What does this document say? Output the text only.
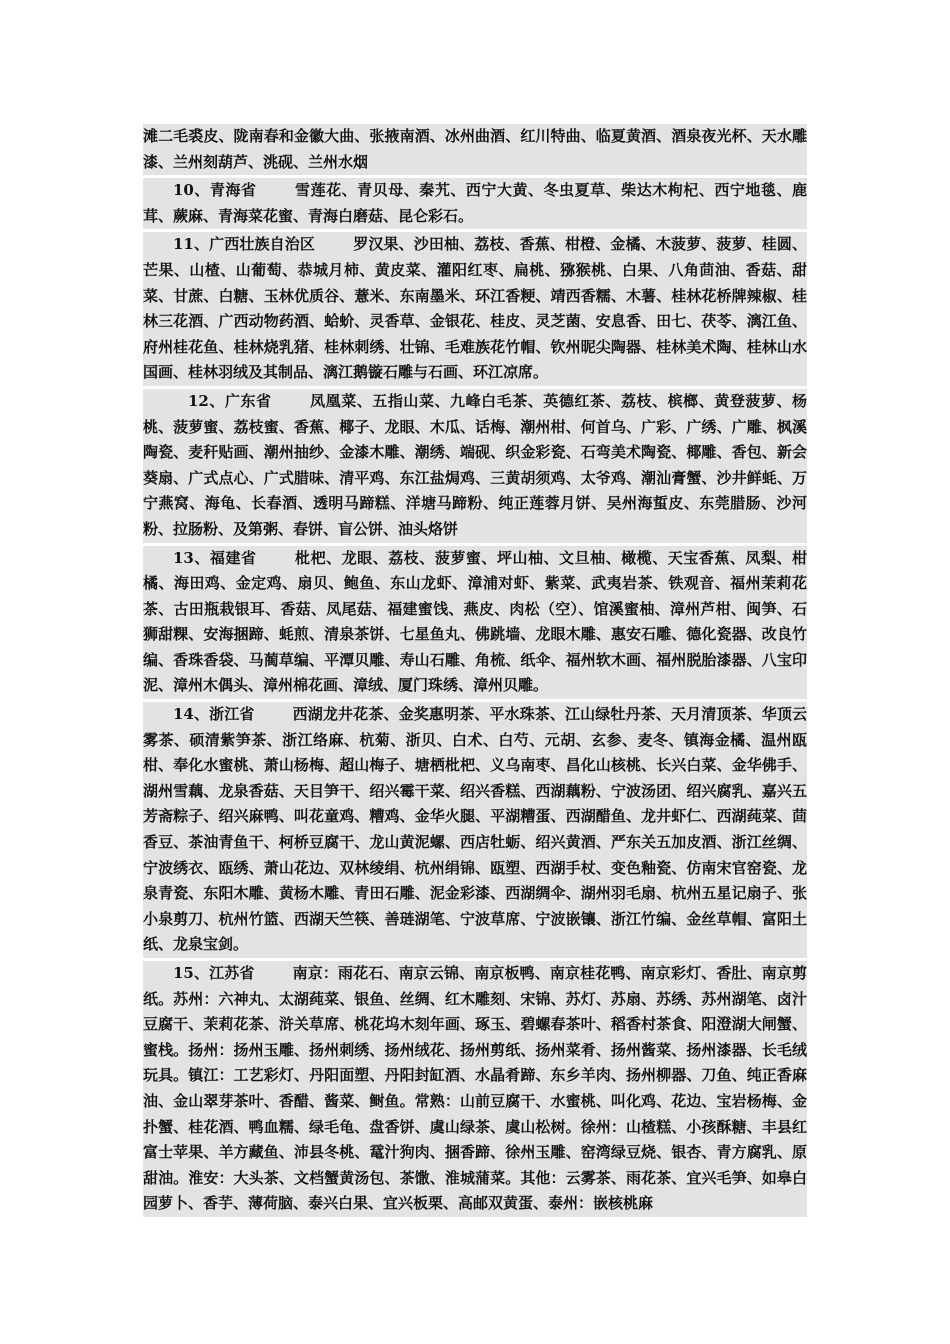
滩二毛裘皮、陇南春和金徽大曲、张掖南酒、冰州曲酒、红川特曲、临夏黄酒、酒泉夜光杯、天水雕漆、兰州刻葫芦、洮砚、兰州水烟

10、青海省	雪莲花、青贝母、秦艽、西宁大黄、冬虫夏草、柴达木枸杞、西宁地毯、鹿茸、蕨麻、青海菜花蜜、青海白磨菇、昆仑彩石。

11、广西壮族自治区	罗汉果、沙田柚、荔枝、香蕉、柑橙、金橘、木菠萝、菠萝、桂圆、芒果、山楂、山葡萄、恭城月柿、黄皮菜、灌阳红枣、扁桃、猕猴桃、白果、八角茴油、香菇、甜菜、甘蔗、白糖、玉林优质谷、薏米、东南墨米、环江香粳、靖西香糯、木薯、桂林花桥牌辣椒、桂林三花酒、广西动物药酒、蛤蚧、灵香草、金银花、桂皮、灵芝菌、安息香、田七、茯苓、漓江鱼、府州桂花鱼、桂林烧乳猪、桂林刺绣、壮锦、毛难族花竹帽、钦州昵尖陶器、桂林美术陶、桂林山水国画、桂林羽绒及其制品、漓江鹅镟石雕与石画、环江凉席。

12、广东省	凤凰菜、五指山菜、九峰白毛茶、英德红茶、荔枝、槟榔、黄登菠萝、杨桃、菠萝蜜、荔枝蜜、香蕉、椰子、龙眼、木瓜、话梅、潮州柑、何首乌、广彩、广绣、广雕、枫溪陶瓷、麦秆贴画、潮州抽纱、金漆木雕、潮绣、端砚、织金彩瓷、石弯美术陶瓷、椰雕、香包、新会葵扇、广式点心、广式腊味、清平鸡、东江盐焗鸡、三黄胡须鸡、太爷鸡、潮汕膏蟹、沙井鲜蚝、万宁燕窝、海龟、长春酒、透明马蹄糕、洋塘马蹄粉、纯正莲蓉月饼、吴州海蜇皮、东莞腊肠、沙河粉、拉肠粉、及第粥、春饼、盲公饼、油头烙饼

13、福建省	枇杷、龙眼、荔枝、菠萝蜜、坪山柚、文旦柚、橄榄、天宝香蕉、凤梨、柑橘、海田鸡、金定鸡、扇贝、鲍鱼、东山龙虾、漳浦对虾、紫菜、武夷岩茶、铁观音、福州茉莉花茶、古田瓶栽银耳、香菇、凤尾菇、福建蜜饯、燕皮、肉松（空）、馆溪蜜柚、漳州芦柑、闽笋、石狮甜粿、安海捆蹄、蚝煎、清泉茶饼、七星鱼丸、佛跳墙、龙眼木雕、惠安石雕、德化瓷器、改良竹编、香珠香袋、马蔺草编、平潭贝雕、寿山石雕、角梳、纸伞、福州软木画、福州脱胎漆器、八宝印泥、漳州木偶头、漳州棉花画、漳绒、厦门珠绣、漳州贝雕。

14、浙江省	西湖龙井花茶、金奖惠明茶、平水珠茶、江山绿牡丹茶、天月清顶茶、华顶云雾茶、硕清紫笋茶、浙江络麻、杭菊、浙贝、白术、白芍、元胡、玄参、麦冬、镇海金橘、温州瓯柑、奉化水蜜桃、萧山杨梅、超山梅子、塘栖枇杷、义乌南枣、昌化山核桃、长兴白菜、金华佛手、湖州雪藕、龙泉香菇、天目笋干、绍兴霉干菜、绍兴香糕、西湖藕粉、宁波汤团、绍兴腐乳、嘉兴五芳斋粽子、绍兴麻鸭、叫花童鸡、糟鸡、金华火腿、平湖糟蛋、西湖醋鱼、龙井虾仁、西湖莼菜、茴香豆、茶油青鱼干、柯桥豆腐干、龙山黄泥螺、西店牡蛎、绍兴黄酒、严东关五加皮酒、浙江丝绸、宁波绣衣、瓯绣、萧山花边、双林绫绢、杭州绢锦、瓯塑、西湖手杖、变色釉瓷、仿南宋官窑瓷、龙泉青瓷、东阳木雕、黄杨木雕、青田石雕、泥金彩漆、西湖绸伞、湖州羽毛扇、杭州五星记扇子、张小泉剪刀、杭州竹篮、西湖天竺筷、善琏湖笔、宁波草席、宁波嵌镶、浙江竹编、金丝草帽、富阳土纸、龙泉宝剑。

15、江苏省	南京：雨花石、南京云锦、南京板鸭、南京桂花鸭、南京彩灯、香肚、南京剪纸。苏州：六神丸、太湖莼菜、银鱼、丝绸、红木雕刻、宋锦、苏灯、苏扇、苏绣、苏州湖笔、卤汁豆腐干、茉莉花茶、浒关草席、桃花坞木刻年画、琢玉、碧螺春茶叶、稻香村茶食、阳澄湖大闸蟹、蜜栈。扬州：扬州玉雕、扬州刺绣、扬州绒花、扬州剪纸、扬州菜肴、扬州酱菜、扬州漆器、长毛绒玩具。镇江：工艺彩灯、丹阳面塑、丹阳封缸酒、水晶肴蹄、东乡羊肉、扬州柳器、刀鱼、纯正香麻油、金山翠芽茶叶、香醋、酱菜、鲥鱼。常熟：山前豆腐干、水蜜桃、叫化鸡、花边、宝岩杨梅、金扑蟹、桂花酒、鸭血糯、绿毛龟、盘香饼、虞山绿茶、虞山松树。徐州：山楂糕、小孩酥糖、丰县红富士苹果、羊方藏鱼、沛县冬桃、鼋汁狗肉、捆香蹄、徐州玉雕、窑湾绿豆烧、银杏、青方腐乳、原甜油。淮安：大头茶、文档蟹黄汤包、茶馓、淮城蒲菜。其他：云雾茶、雨花茶、宜兴毛笋、如皋白园萝卜、香芋、薄荷脑、泰兴白果、宜兴板栗、高邮双黄蛋、泰州：嵌核桃麻
